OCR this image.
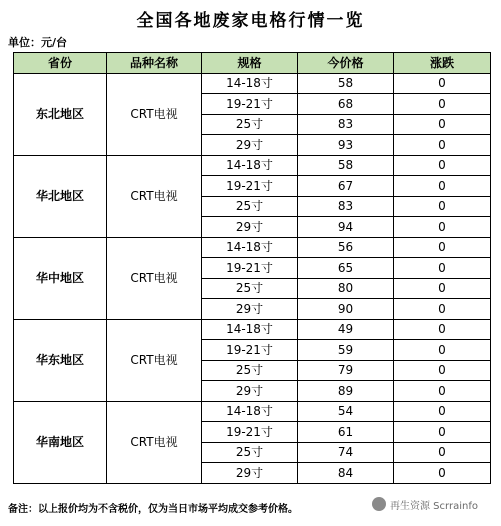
全国各地废家电格行情一览
单位：元/台
省份	品种名称	规格	今价格	涨跌
东北地区	CRT电视	14-18寸	58	0
		19-21寸	68	0
		25寸	83	0
		29寸	93	0
华北地区	CRT电视	14-18寸	58	0
		19-21寸	67	0
		25寸	83	0
		29寸	94	0
华中地区	CRT电视	14-18寸	56	0
		19-21寸	65	0
		25寸	80	0
		29寸	90	0
华东地区	CRT电视	14-18寸	49	0
		19-21寸	59	0
		25寸	79	0
		29寸	89	0
华南地区	CRT电视	14-18寸	54	0
		19-21寸	61	0
		25寸	74	0
		29寸	84	0
备注：以上报价均为不含税价，仅为当日市场平均成交参考价格。	再生资源 Scrrainfo
